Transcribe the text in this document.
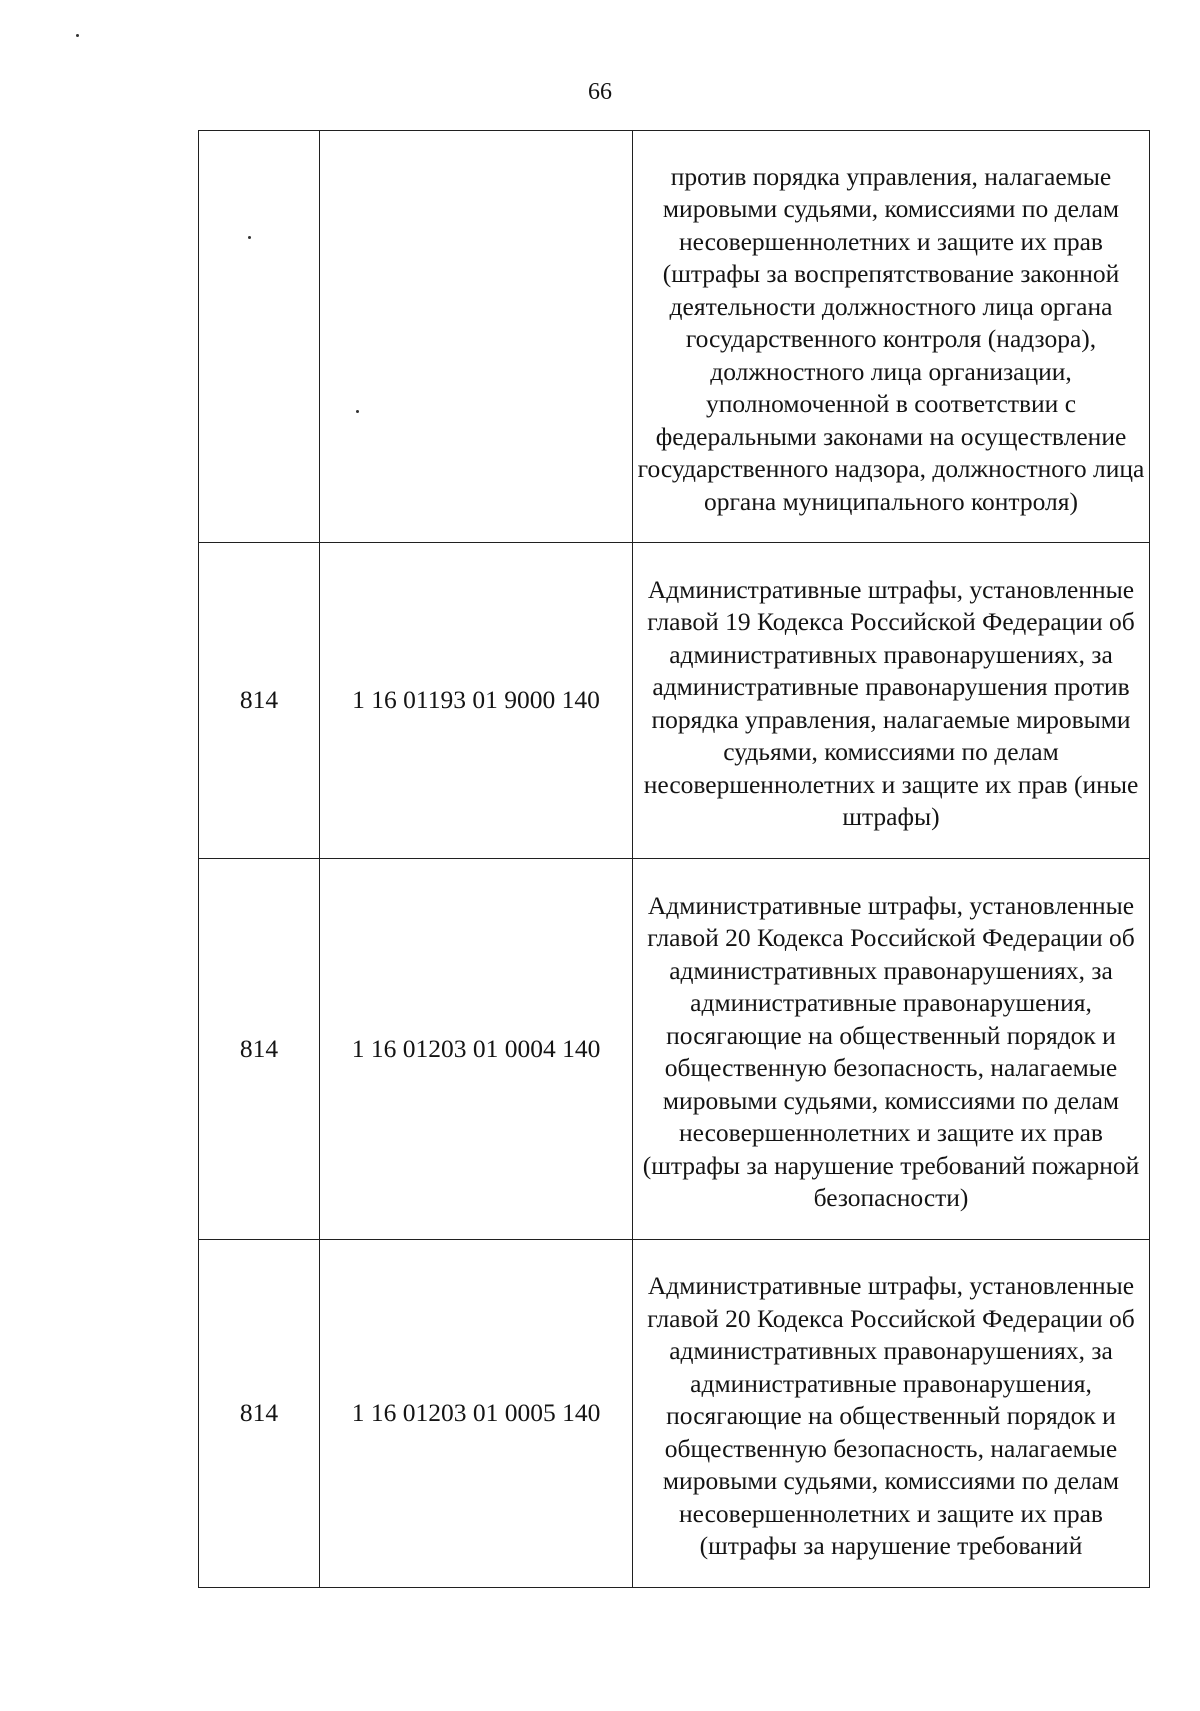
66
		против порядка управления, налагаемые мировыми судьями, комиссиями по делам несовершеннолетних и защите их прав (штрафы за воспрепятствование законной деятельности должностного лица органа государственного контроля (надзора), должностного лица организации, уполномоченной в соответствии с федеральными законами на осуществление государственного надзора, должностного лица органа муниципального контроля)
814	1 16 01193 01 9000 140	Административные штрафы, установленные главой 19 Кодекса Российской Федерации об административных правонарушениях, за административные правонарушения против порядка управления, налагаемые мировыми судьями, комиссиями по делам несовершеннолетних и защите их прав (иные штрафы)
814	1 16 01203 01 0004 140	Административные штрафы, установленные главой 20 Кодекса Российской Федерации об административных правонарушениях, за административные правонарушения, посягающие на общественный порядок и общественную безопасность, налагаемые мировыми судьями, комиссиями по делам несовершеннолетних и защите их прав (штрафы за нарушение требований пожарной безопасности)
814	1 16 01203 01 0005 140	Административные штрафы, установленные главой 20 Кодекса Российской Федерации об административных правонарушениях, за административные правонарушения, посягающие на общественный порядок и общественную безопасность, налагаемые мировыми судьями, комиссиями по делам несовершеннолетних и защите их прав (штрафы за нарушение требований
